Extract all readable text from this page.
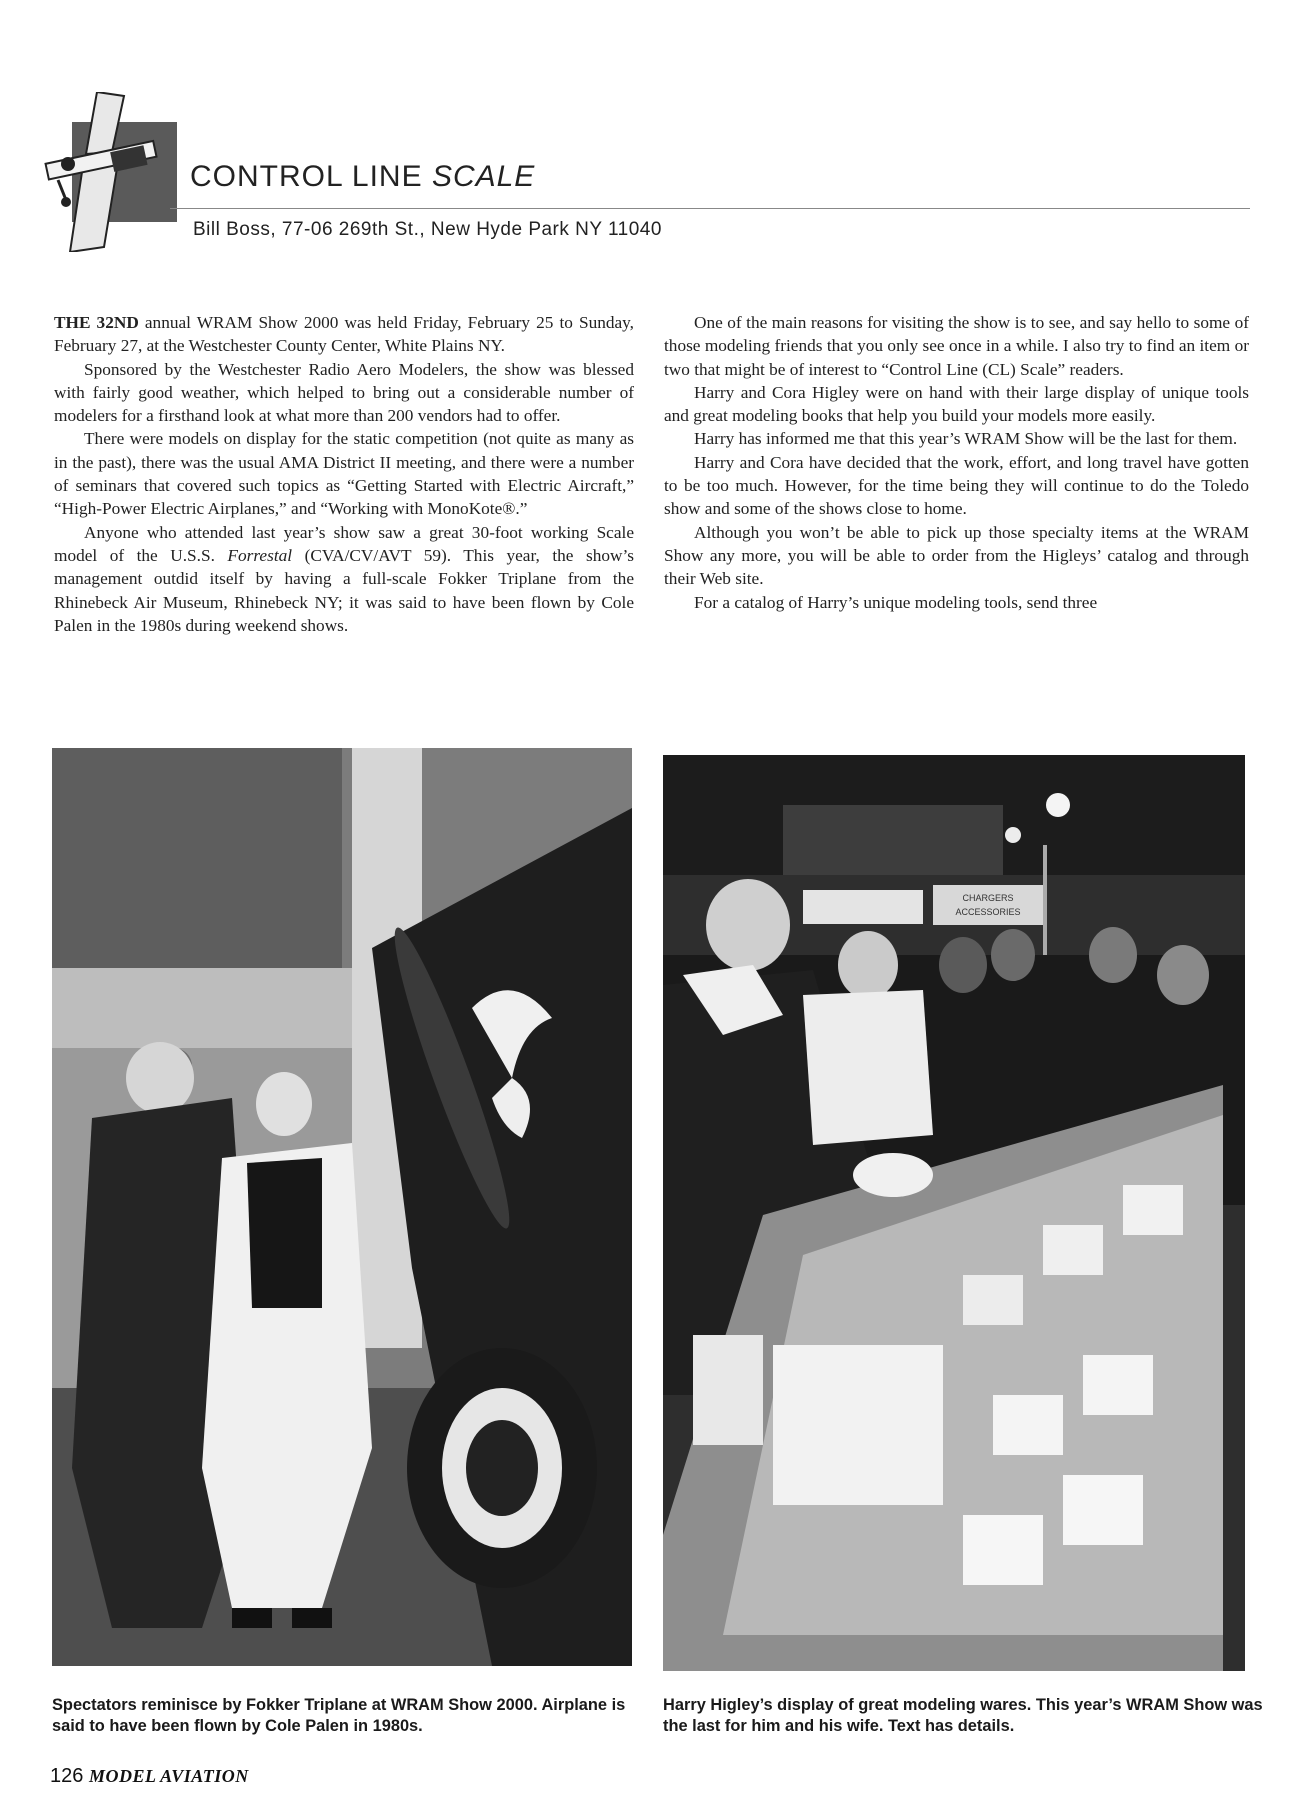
CONTROL LINE SCALE
Bill Boss, 77-06 269th St., New Hyde Park NY 11040

THE 32ND annual WRAM Show 2000 was held Friday, February 25 to Sunday, February 27, at the Westchester County Center, White Plains NY.

Sponsored by the Westchester Radio Aero Modelers, the show was blessed with fairly good weather, which helped to bring out a considerable number of modelers for a firsthand look at what more than 200 vendors had to offer.

There were models on display for the static competition (not quite as many as in the past), there was the usual AMA District II meeting, and there were a number of seminars that covered such topics as “Getting Started with Electric Aircraft,” “High-Power Electric Airplanes,” and “Working with MonoKote®.”

Anyone who attended last year’s show saw a great 30-foot working Scale model of the U.S.S. Forrestal (CVA/CV/AVT 59). This year, the show’s management outdid itself by having a full-scale Fokker Triplane from the Rhinebeck Air Museum, Rhinebeck NY; it was said to have been flown by Cole Palen in the 1980s during weekend shows.

One of the main reasons for visiting the show is to see, and say hello to some of those modeling friends that you only see once in a while. I also try to find an item or two that might be of interest to “Control Line (CL) Scale” readers.

Harry and Cora Higley were on hand with their large display of unique tools and great modeling books that help you build your models more easily.

Harry has informed me that this year’s WRAM Show will be the last for them.

Harry and Cora have decided that the work, effort, and long travel have gotten to be too much. However, for the time being they will continue to do the Toledo show and some of the shows close to home.

Although you won’t be able to pick up those specialty items at the WRAM Show any more, you will be able to order from the Higleys’ catalog and through their Web site.

For a catalog of Harry’s unique modeling tools, send three

CHARGERS
ACCESSORIES
Spectators reminisce by Fokker Triplane at WRAM Show 2000. Airplane is said to have been flown by Cole Palen in 1980s.
Harry Higley’s display of great modeling wares. This year’s WRAM Show was the last for him and his wife. Text has details.
126 MODEL AVIATION
